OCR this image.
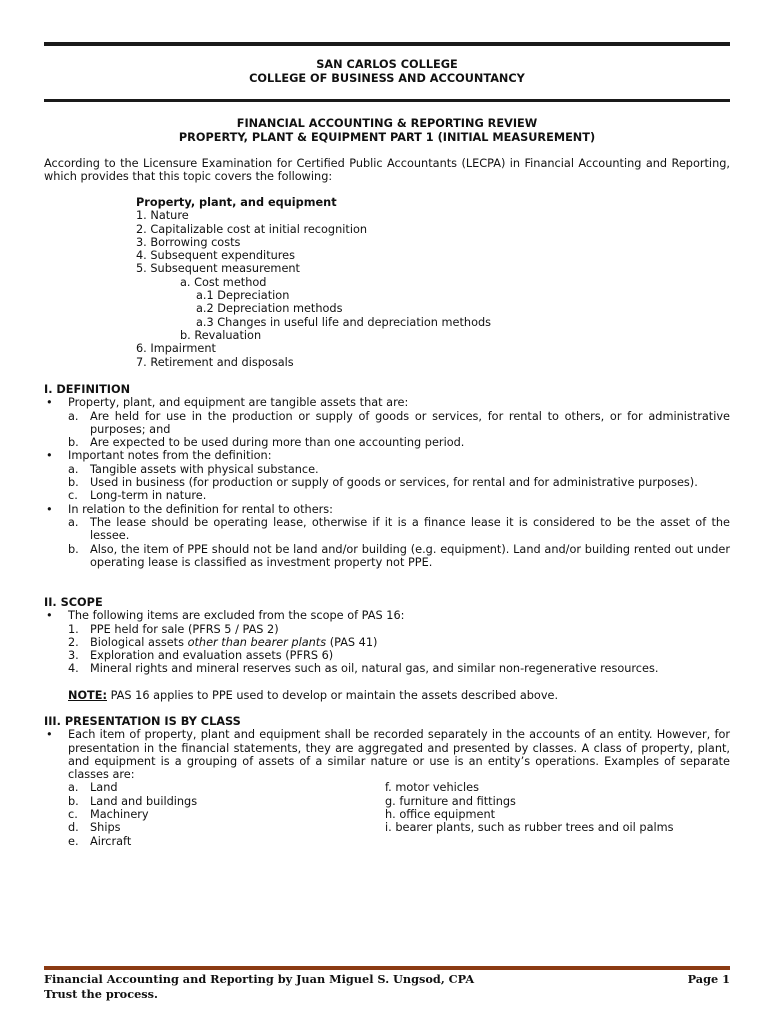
SAN CARLOS COLLEGE
COLLEGE OF BUSINESS AND ACCOUNTANCY
FINANCIAL ACCOUNTING & REPORTING REVIEW
PROPERTY, PLANT & EQUIPMENT PART 1 (INITIAL MEASUREMENT)

According to the Licensure Examination for Certified Public Accountants (LECPA) in Financial Accounting and Reporting, which provides that this topic covers the following:

Property, plant, and equipment
1. Nature
2. Capitalizable cost at initial recognition
3. Borrowing costs
4. Subsequent expenditures
5. Subsequent measurement
a. Cost method
a.1 Depreciation
a.2 Depreciation methods
a.3 Changes in useful life and depreciation methods
b. Revaluation
6. Impairment
7. Retirement and disposals
I. DEFINITION
• Property, plant, and equipment are tangible assets that are:
a. Are held for use in the production or supply of goods or services, for rental to others, or for administrative purposes; and
b. Are expected to be used during more than one accounting period.
• Important notes from the definition:
a. Tangible assets with physical substance.
b. Used in business (for production or supply of goods or services, for rental and for administrative purposes).
c. Long-term in nature.
• In relation to the definition for rental to others:
a. The lease should be operating lease, otherwise if it is a finance lease it is considered to be the asset of the lessee.
b. Also, the item of PPE should not be land and/or building (e.g. equipment). Land and/or building rented out under operating lease is classified as investment property not PPE.
II. SCOPE
• The following items are excluded from the scope of PAS 16:
1. PPE held for sale (PFRS 5 / PAS 2)
2. Biological assets other than bearer plants (PAS 41)
3. Exploration and evaluation assets (PFRS 6)
4. Mineral rights and mineral reserves such as oil, natural gas, and similar non-regenerative resources.
NOTE: PAS 16 applies to PPE used to develop or maintain the assets described above.
III. PRESENTATION IS BY CLASS
• Each item of property, plant and equipment shall be recorded separately in the accounts of an entity. However, for presentation in the financial statements, they are aggregated and presented by classes. A class of property, plant, and equipment is a grouping of assets of a similar nature or use is an entity’s operations. Examples of separate classes are:
a. Land
b. Land and buildings
c. Machinery
d. Ships
e. Aircraft
f. motor vehicles
g. furniture and fittings
h. office equipment
i. bearer plants, such as rubber trees and oil palms
Financial Accounting and Reporting by Juan Miguel S. Ungsod, CPA	Page 1
Trust the process.
